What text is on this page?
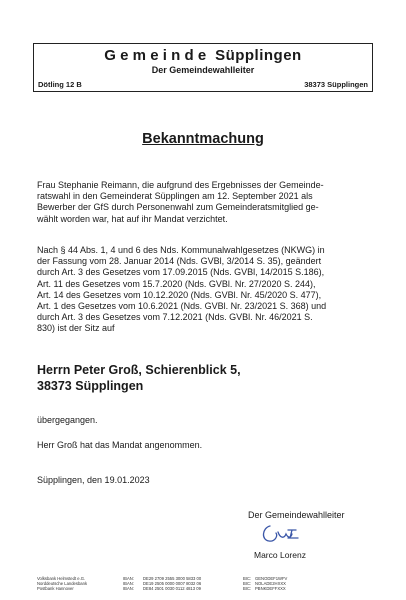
Gemeinde Süpplingen
Der Gemeindewahlleiter
Dötling 12 B	38373 Süpplingen
Bekanntmachung
Frau Stephanie Reimann, die aufgrund des Ergebnisses der Gemeinde-
ratswahl in den Gemeinderat Süpplingen am 12. September 2021 als
Bewerber der GfS durch Personenwahl zum Gemeinderatsmitglied ge-
wählt worden war, hat auf ihr Mandat verzichtet.
Nach § 44 Abs. 1, 4 und 6 des Nds. Kommunalwahlgesetzes (NKWG) in
der Fassung vom 28. Januar 2014 (Nds. GVBl, 3/2014 S. 35), geändert
durch Art. 3 des Gesetzes vom 17.09.2015 (Nds. GVBl, 14/2015 S.186),
Art. 11 des Gesetzes vom 15.7.2020 (Nds. GVBl. Nr. 27/2020 S. 244),
Art. 14 des Gesetzes vom 10.12.2020 (Nds. GVBl. Nr. 45/2020 S. 477),
Art. 1 des Gesetzes vom 10.6.2021 (Nds. GVBl. Nr. 23/2021 S. 368) und
durch Art. 3 des Gesetzes vom 7.12.2021 (Nds. GVBl. Nr. 46/2021 S.
830) ist der Sitz auf
Herrn Peter Groß, Schierenblick 5,
38373 Süpplingen
übergegangen.
Herr Groß hat das Mandat angenommen.
Süpplingen, den 19.01.2023
Der Gemeindewahlleiter
Marco Lorenz
Volksbank Helmstedt e.G.
Norddeutsche Landesbank
Postbank Hannover
IBAN:
IBAN:
IBAN:
DE29 2709 2555 3000 5833 00
DE19 2505 0000 0007 8032 06
DE84 2501 0030 0112 4813 09
BIC:
BIC:
BIC:
GENODEF1WFV
NOLADE2HXXX
PBNKDEFFXXX
